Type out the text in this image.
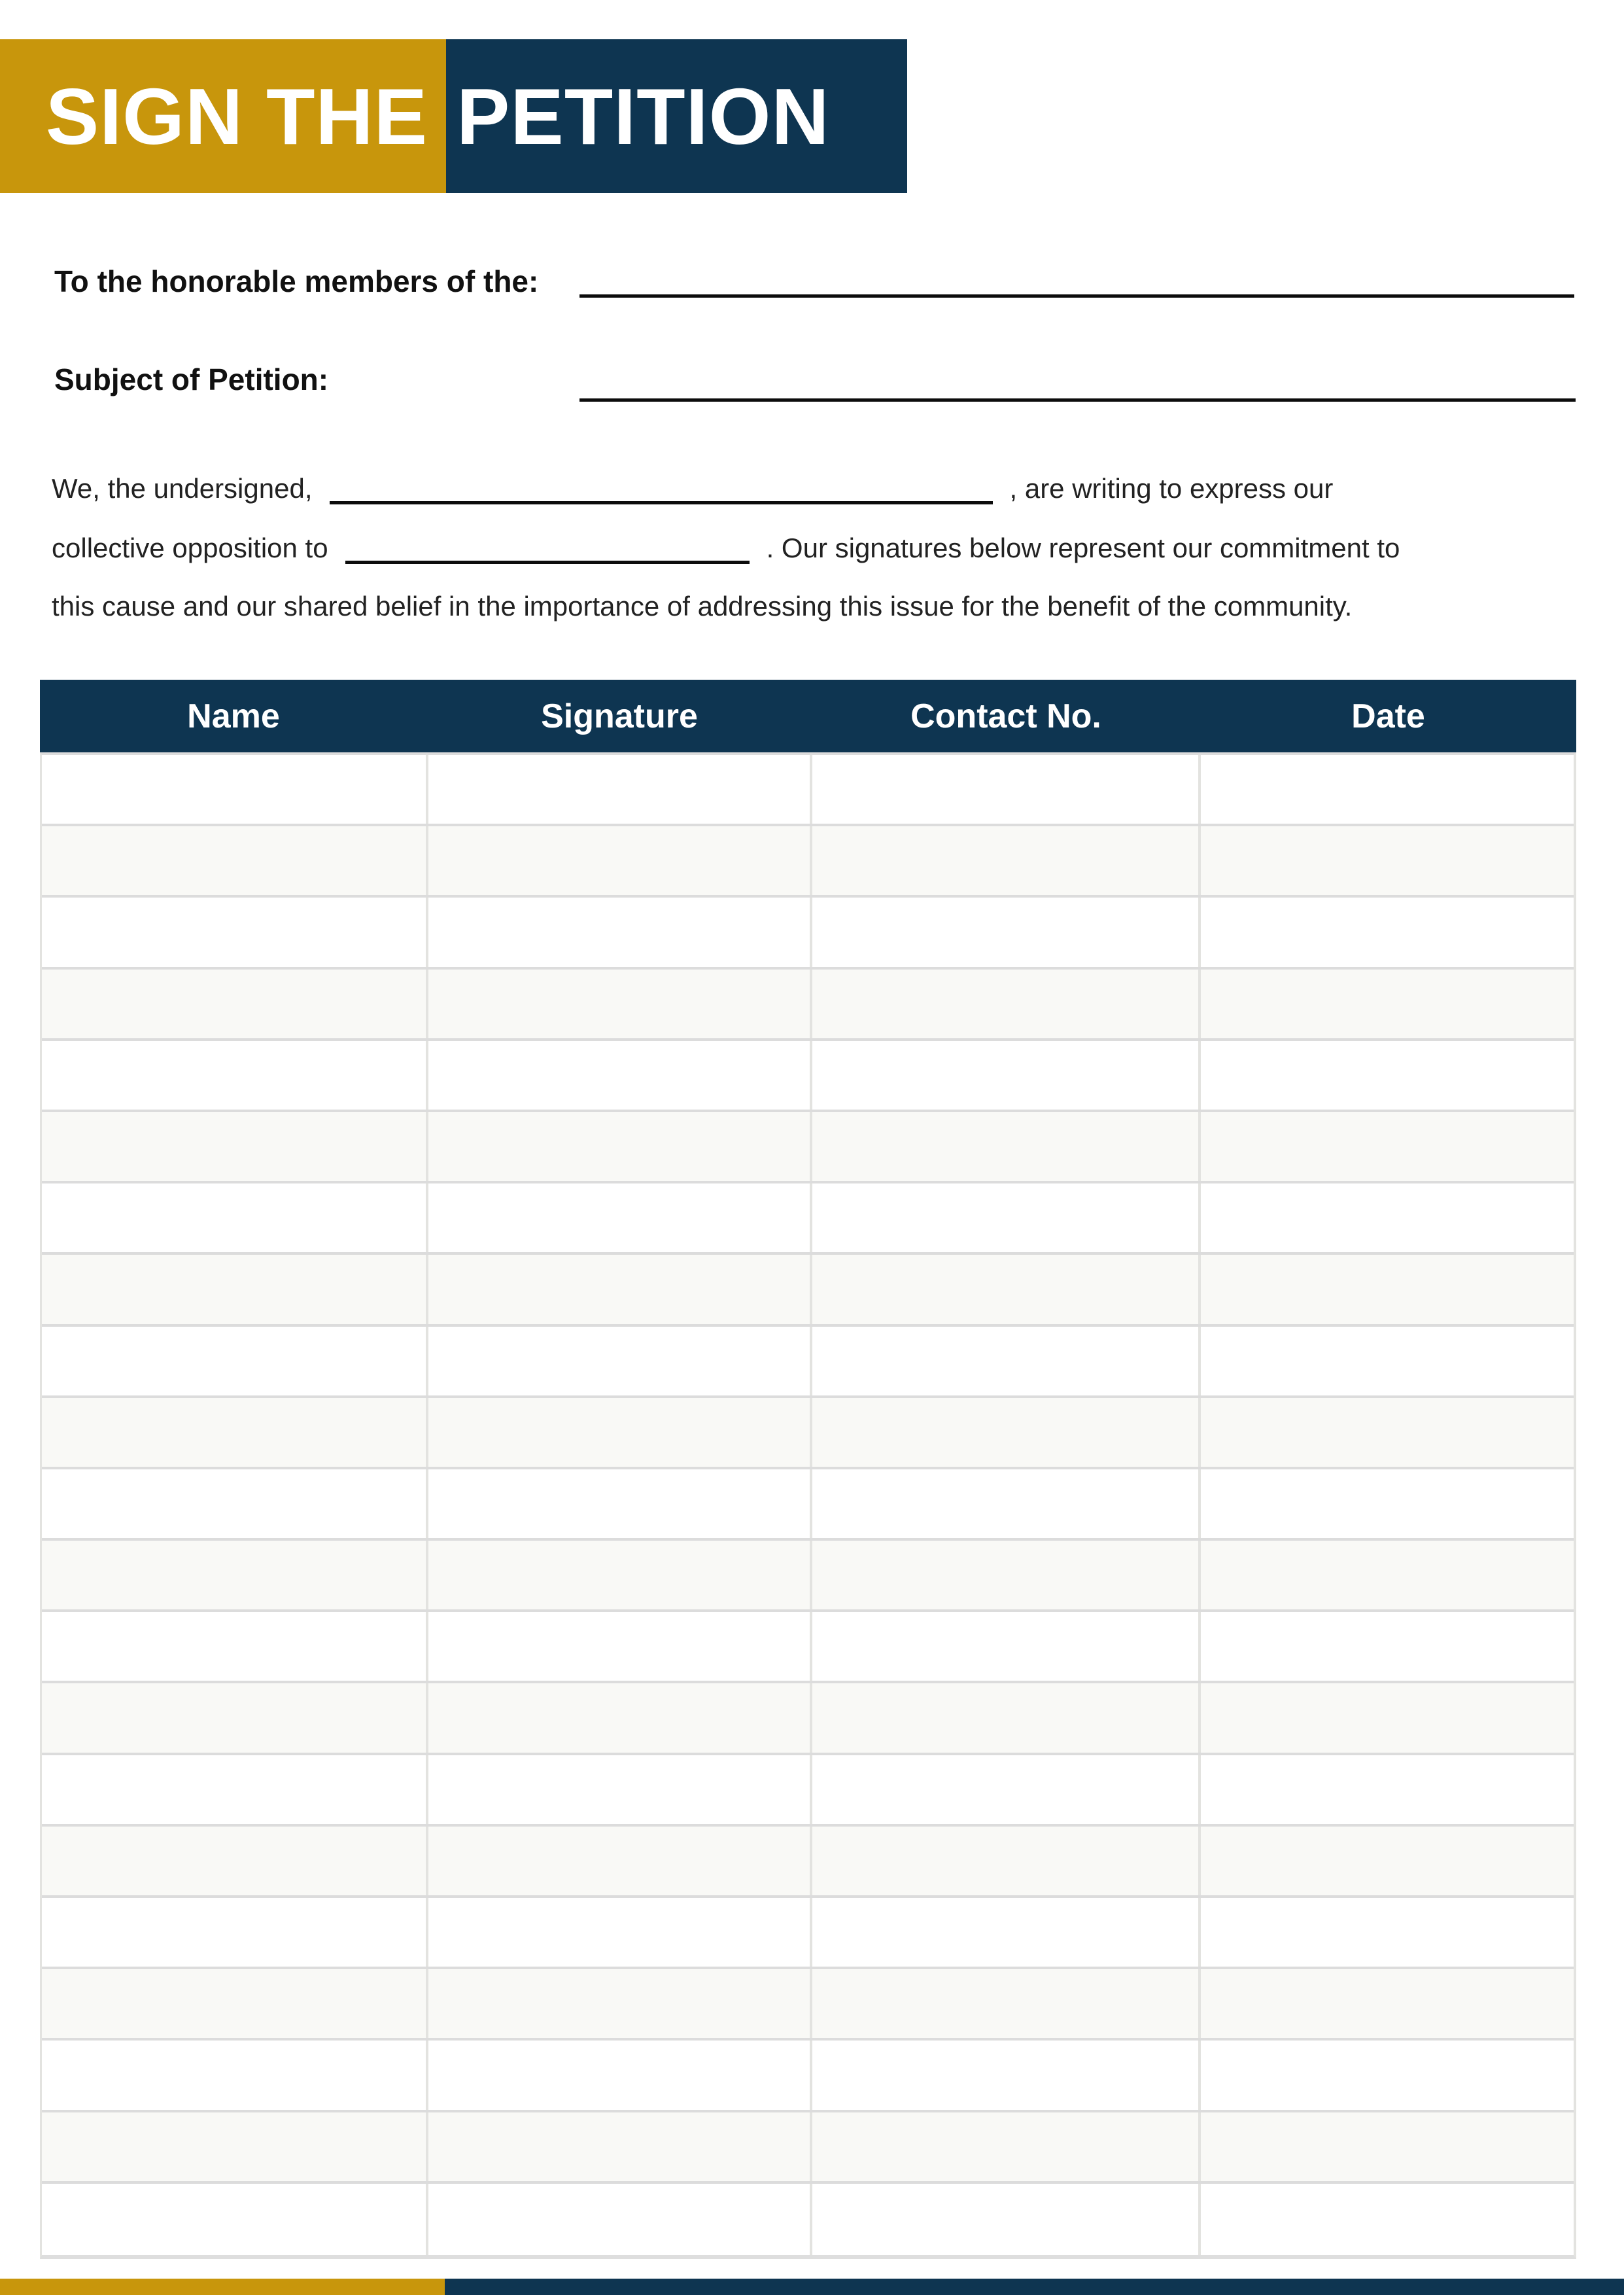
SIGN THE PETITION
To the honorable members of the:
Subject of Petition:
We, the undersigned,	, are writing to express our
collective opposition to	. Our signatures below represent our commitment to
this cause and our shared belief in the importance of addressing this issue for the benefit of the community.
Name	Signature	Contact No.	Date
